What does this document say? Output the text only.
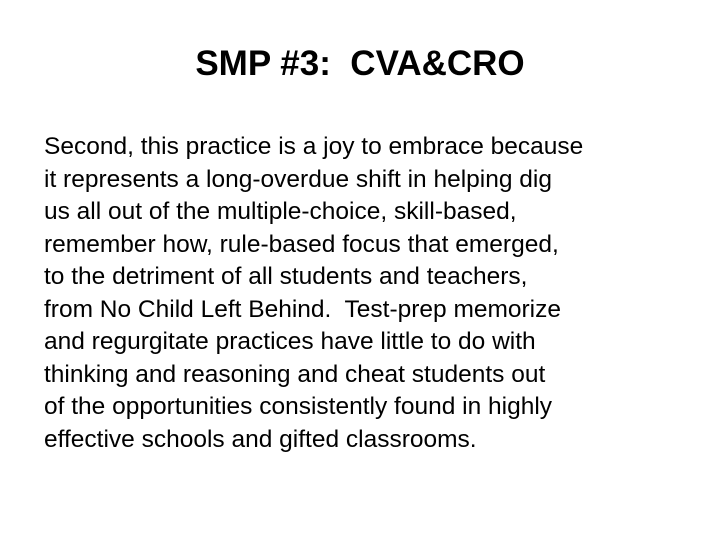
SMP #3:  CVA&CRO

Second, this practice is a joy to embrace because
it represents a long-overdue shift in helping dig
us all out of the multiple-choice, skill-based,
remember how, rule-based focus that emerged,
to the detriment of all students and teachers,
from No Child Left Behind.  Test-prep memorize
and regurgitate practices have little to do with
thinking and reasoning and cheat students out
of the opportunities consistently found in highly
effective schools and gifted classrooms.
